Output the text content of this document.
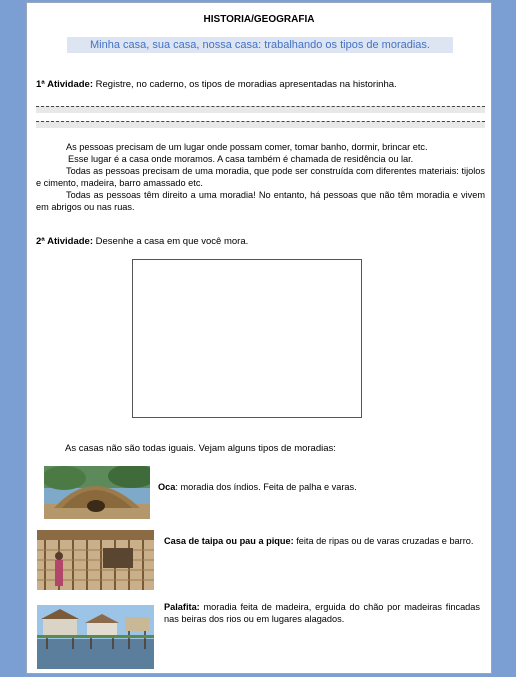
HISTORIA/GEOGRAFIA
Minha casa, sua casa, nossa casa: trabalhando os tipos de moradias.
1ª Atividade: Registre, no caderno, os tipos de moradias apresentadas na historinha.

As pessoas precisam de um lugar onde possam comer, tomar banho, dormir, brincar etc.

Esse lugar é a casa onde moramos. A casa também é chamada de residência ou lar.

Todas as pessoas precisam de uma moradia, que pode ser construída com diferentes materiais: tijolos e cimento, madeira, barro amassado etc.

Todas as pessoas têm direito a uma moradia! No entanto, há pessoas que não têm moradia e vivem em abrigos ou nas ruas.

2ª Atividade: Desenhe a casa em que você mora.
As casas não são todas iguais. Vejam alguns tipos de moradias:
Oca: moradia dos índios. Feita de palha e varas.
Casa de taipa ou pau a pique: feita de ripas ou de varas cruzadas e barro.
Palafita: moradia feita de madeira, erguida do chão por madeiras fincadas nas beiras dos rios ou em lugares alagados.
